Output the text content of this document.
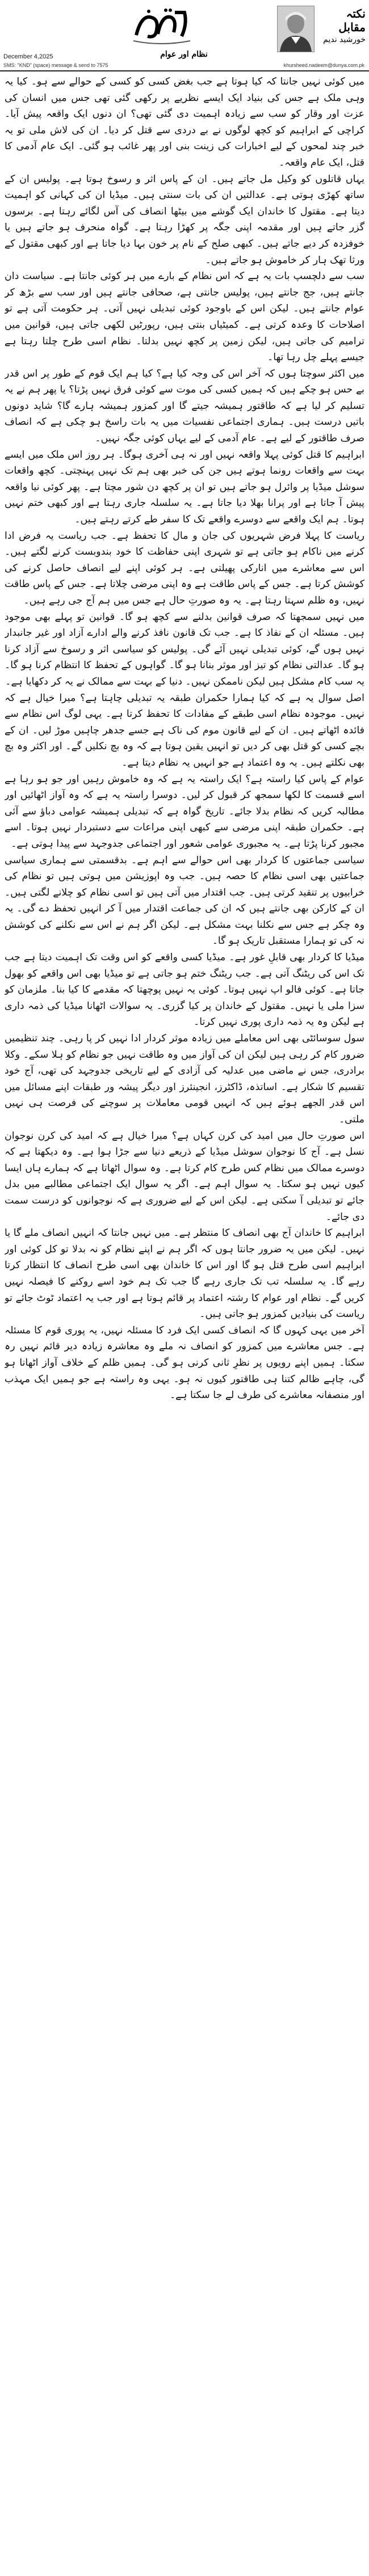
نکتہ مقابل
خورشید ندیم
December 4,2025	نظام اور عوام
SMS: "KND" (space) message & send to 7575	khursheed.nadeem@dunya.com.pk

میں کوئی نہیں جانتا کہ کیا ہوتا ہے جب بغض کسی کو کسی کے حوالے سے ہو۔ کیا یہ وہی ملک ہے جس کی بنیاد ایک ایسے نظریے پر رکھی گئی تھی جس میں انسان کی عزت اور وقار کو سب سے زیادہ اہمیت دی گئی تھی؟ ان دنوں ایک واقعہ پیش آیا۔ کراچی کے ابراہیم کو کچھ لوگوں نے بے دردی سے قتل کر دیا۔ ان کی لاش ملی تو یہ خبر چند لمحوں کے لیے اخبارات کی زینت بنی اور پھر غائب ہو گئی۔ ایک عام آدمی کا قتل، ایک عام واقعہ۔

یہاں قاتلوں کو وکیل مل جاتے ہیں۔ ان کے پاس اثر و رسوخ ہوتا ہے۔ پولیس ان کے ساتھ کھڑی ہوتی ہے۔ عدالتیں ان کی بات سنتی ہیں۔ میڈیا ان کی کہانی کو اہمیت دیتا ہے۔ مقتول کا خاندان ایک گوشے میں بیٹھا انصاف کی آس لگائے رہتا ہے۔ برسوں گزر جاتے ہیں اور مقدمہ اپنی جگہ پر کھڑا رہتا ہے۔ گواہ منحرف ہو جاتے ہیں یا خوفزدہ کر دیے جاتے ہیں۔ کبھی صلح کے نام پر خون بہا دیا جاتا ہے اور کبھی مقتول کے ورثا تھک ہار کر خاموش ہو جاتے ہیں۔

سب سے دلچسپ بات یہ ہے کہ اس نظام کے بارے میں ہر کوئی جانتا ہے۔ سیاست دان جانتے ہیں، جج جانتے ہیں، پولیس جانتی ہے، صحافی جانتے ہیں اور سب سے بڑھ کر عوام جانتے ہیں۔ لیکن اس کے باوجود کوئی تبدیلی نہیں آتی۔ ہر حکومت آتی ہے تو اصلاحات کا وعدہ کرتی ہے۔ کمیٹیاں بنتی ہیں، رپورٹیں لکھی جاتی ہیں، قوانین میں ترامیم کی جاتی ہیں، لیکن زمین پر کچھ نہیں بدلتا۔ نظام اسی طرح چلتا رہتا ہے جیسے پہلے چل رہا تھا۔

میں اکثر سوچتا ہوں کہ آخر اس کی وجہ کیا ہے؟ کیا ہم ایک قوم کے طور پر اس قدر بے حس ہو چکے ہیں کہ ہمیں کسی کی موت سے کوئی فرق نہیں پڑتا؟ یا پھر ہم نے یہ تسلیم کر لیا ہے کہ طاقتور ہمیشہ جیتے گا اور کمزور ہمیشہ ہارے گا؟ شاید دونوں باتیں درست ہیں۔ ہماری اجتماعی نفسیات میں یہ بات راسخ ہو چکی ہے کہ انصاف صرف طاقتور کے لیے ہے۔ عام آدمی کے لیے یہاں کوئی جگہ نہیں۔

ابراہیم کا قتل کوئی پہلا واقعہ نہیں اور نہ ہی آخری ہوگا۔ ہر روز اس ملک میں ایسے بہت سے واقعات رونما ہوتے ہیں جن کی خبر بھی ہم تک نہیں پہنچتی۔ کچھ واقعات سوشل میڈیا پر وائرل ہو جاتے ہیں تو ان پر کچھ دن شور مچتا ہے۔ پھر کوئی نیا واقعہ پیش آ جاتا ہے اور پرانا بھلا دیا جاتا ہے۔ یہ سلسلہ جاری رہتا ہے اور کبھی ختم نہیں ہوتا۔ ہم ایک واقعے سے دوسرے واقعے تک کا سفر طے کرتے رہتے ہیں۔

ریاست کا پہلا فرض شہریوں کی جان و مال کا تحفظ ہے۔ جب ریاست یہ فرض ادا کرنے میں ناکام ہو جاتی ہے تو شہری اپنی حفاظت کا خود بندوبست کرنے لگتے ہیں۔ اس سے معاشرے میں انارکی پھیلتی ہے۔ ہر کوئی اپنے لیے انصاف حاصل کرنے کی کوشش کرتا ہے۔ جس کے پاس طاقت ہے وہ اپنی مرضی چلاتا ہے۔ جس کے پاس طاقت نہیں، وہ ظلم سہتا رہتا ہے۔ یہ وہ صورتِ حال ہے جس میں ہم آج جی رہے ہیں۔

میں نہیں سمجھتا کہ صرف قوانین بدلنے سے کچھ ہو گا۔ قوانین تو پہلے بھی موجود ہیں۔ مسئلہ ان کے نفاذ کا ہے۔ جب تک قانون نافذ کرنے والے ادارے آزاد اور غیر جانبدار نہیں ہوں گے، کوئی تبدیلی نہیں آئے گی۔ پولیس کو سیاسی اثر و رسوخ سے آزاد کرنا ہو گا۔ عدالتی نظام کو تیز اور موثر بنانا ہو گا۔ گواہوں کے تحفظ کا انتظام کرنا ہو گا۔ یہ سب کام مشکل ہیں لیکن ناممکن نہیں۔ دنیا کے بہت سے ممالک نے یہ کر دکھایا ہے۔

اصل سوال یہ ہے کہ کیا ہمارا حکمران طبقہ یہ تبدیلی چاہتا ہے؟ میرا خیال ہے کہ نہیں۔ موجودہ نظام اسی طبقے کے مفادات کا تحفظ کرتا ہے۔ یہی لوگ اس نظام سے فائدہ اٹھاتے ہیں۔ ان کے لیے قانون موم کی ناک ہے جسے جدھر چاہیں موڑ لیں۔ ان کے بچے کسی کو قتل بھی کر دیں تو انہیں یقین ہوتا ہے کہ وہ بچ نکلیں گے۔ اور اکثر وہ بچ بھی نکلتے ہیں۔ یہ وہ اعتماد ہے جو انہیں یہ نظام دیتا ہے۔

عوام کے پاس کیا راستہ ہے؟ ایک راستہ یہ ہے کہ وہ خاموش رہیں اور جو ہو رہا ہے اسے قسمت کا لکھا سمجھ کر قبول کر لیں۔ دوسرا راستہ یہ ہے کہ وہ آواز اٹھائیں اور مطالبہ کریں کہ نظام بدلا جائے۔ تاریخ گواہ ہے کہ تبدیلی ہمیشہ عوامی دباؤ سے آئی ہے۔ حکمران طبقہ اپنی مرضی سے کبھی اپنی مراعات سے دستبردار نہیں ہوتا۔ اسے مجبور کرنا پڑتا ہے۔ یہ مجبوری عوامی شعور اور اجتماعی جدوجہد سے پیدا ہوتی ہے۔

سیاسی جماعتوں کا کردار بھی اس حوالے سے اہم ہے۔ بدقسمتی سے ہماری سیاسی جماعتیں بھی اسی نظام کا حصہ ہیں۔ جب وہ اپوزیشن میں ہوتی ہیں تو نظام کی خرابیوں پر تنقید کرتی ہیں۔ جب اقتدار میں آتی ہیں تو اسی نظام کو چلانے لگتی ہیں۔ ان کے کارکن بھی جانتے ہیں کہ ان کی جماعت اقتدار میں آ کر انہیں تحفظ دے گی۔ یہ وہ چکر ہے جس سے نکلنا بہت مشکل ہے۔ لیکن اگر ہم نے اس سے نکلنے کی کوشش نہ کی تو ہمارا مستقبل تاریک ہو گا۔

میڈیا کا کردار بھی قابلِ غور ہے۔ میڈیا کسی واقعے کو اس وقت تک اہمیت دیتا ہے جب تک اس کی ریٹنگ آتی ہے۔ جب ریٹنگ ختم ہو جاتی ہے تو میڈیا بھی اس واقعے کو بھول جاتا ہے۔ کوئی فالو اپ نہیں ہوتا۔ کوئی یہ نہیں پوچھتا کہ مقدمے کا کیا بنا۔ ملزمان کو سزا ملی یا نہیں۔ مقتول کے خاندان پر کیا گزری۔ یہ سوالات اٹھانا میڈیا کی ذمہ داری ہے لیکن وہ یہ ذمہ داری پوری نہیں کرتا۔

سول سوسائٹی بھی اس معاملے میں زیادہ موثر کردار ادا نہیں کر پا رہی۔ چند تنظیمیں ضرور کام کر رہی ہیں لیکن ان کی آواز میں وہ طاقت نہیں جو نظام کو ہلا سکے۔ وکلا برادری، جس نے ماضی میں عدلیہ کی آزادی کے لیے تاریخی جدوجہد کی تھی، آج خود تقسیم کا شکار ہے۔ اساتذہ، ڈاکٹرز، انجینئرز اور دیگر پیشہ ور طبقات اپنے مسائل میں اس قدر الجھے ہوئے ہیں کہ انہیں قومی معاملات پر سوچنے کی فرصت ہی نہیں ملتی۔

اس صورتِ حال میں امید کی کرن کہاں ہے؟ میرا خیال ہے کہ امید کی کرن نوجوان نسل ہے۔ آج کا نوجوان سوشل میڈیا کے ذریعے دنیا سے جڑا ہوا ہے۔ وہ دیکھتا ہے کہ دوسرے ممالک میں نظام کس طرح کام کرتا ہے۔ وہ سوال اٹھاتا ہے کہ ہمارے ہاں ایسا کیوں نہیں ہو سکتا۔ یہ سوال اہم ہے۔ اگر یہ سوال ایک اجتماعی مطالبے میں بدل جائے تو تبدیلی آ سکتی ہے۔ لیکن اس کے لیے ضروری ہے کہ نوجوانوں کو درست سمت دی جائے۔

ابراہیم کا خاندان آج بھی انصاف کا منتظر ہے۔ میں نہیں جانتا کہ انہیں انصاف ملے گا یا نہیں۔ لیکن میں یہ ضرور جانتا ہوں کہ اگر ہم نے اپنے نظام کو نہ بدلا تو کل کوئی اور ابراہیم اسی طرح قتل ہو گا اور اس کا خاندان بھی اسی طرح انصاف کا انتظار کرتا رہے گا۔ یہ سلسلہ تب تک جاری رہے گا جب تک ہم خود اسے روکنے کا فیصلہ نہیں کریں گے۔ نظام اور عوام کا رشتہ اعتماد پر قائم ہوتا ہے اور جب یہ اعتماد ٹوٹ جائے تو ریاست کی بنیادیں کمزور ہو جاتی ہیں۔

آخر میں یہی کہوں گا کہ انصاف کسی ایک فرد کا مسئلہ نہیں، یہ پوری قوم کا مسئلہ ہے۔ جس معاشرے میں کمزور کو انصاف نہ ملے وہ معاشرہ زیادہ دیر قائم نہیں رہ سکتا۔ ہمیں اپنے رویوں پر نظرِ ثانی کرنی ہو گی۔ ہمیں ظلم کے خلاف آواز اٹھانا ہو گی، چاہے ظالم کتنا ہی طاقتور کیوں نہ ہو۔ یہی وہ راستہ ہے جو ہمیں ایک مہذب اور منصفانہ معاشرے کی طرف لے جا سکتا ہے۔
